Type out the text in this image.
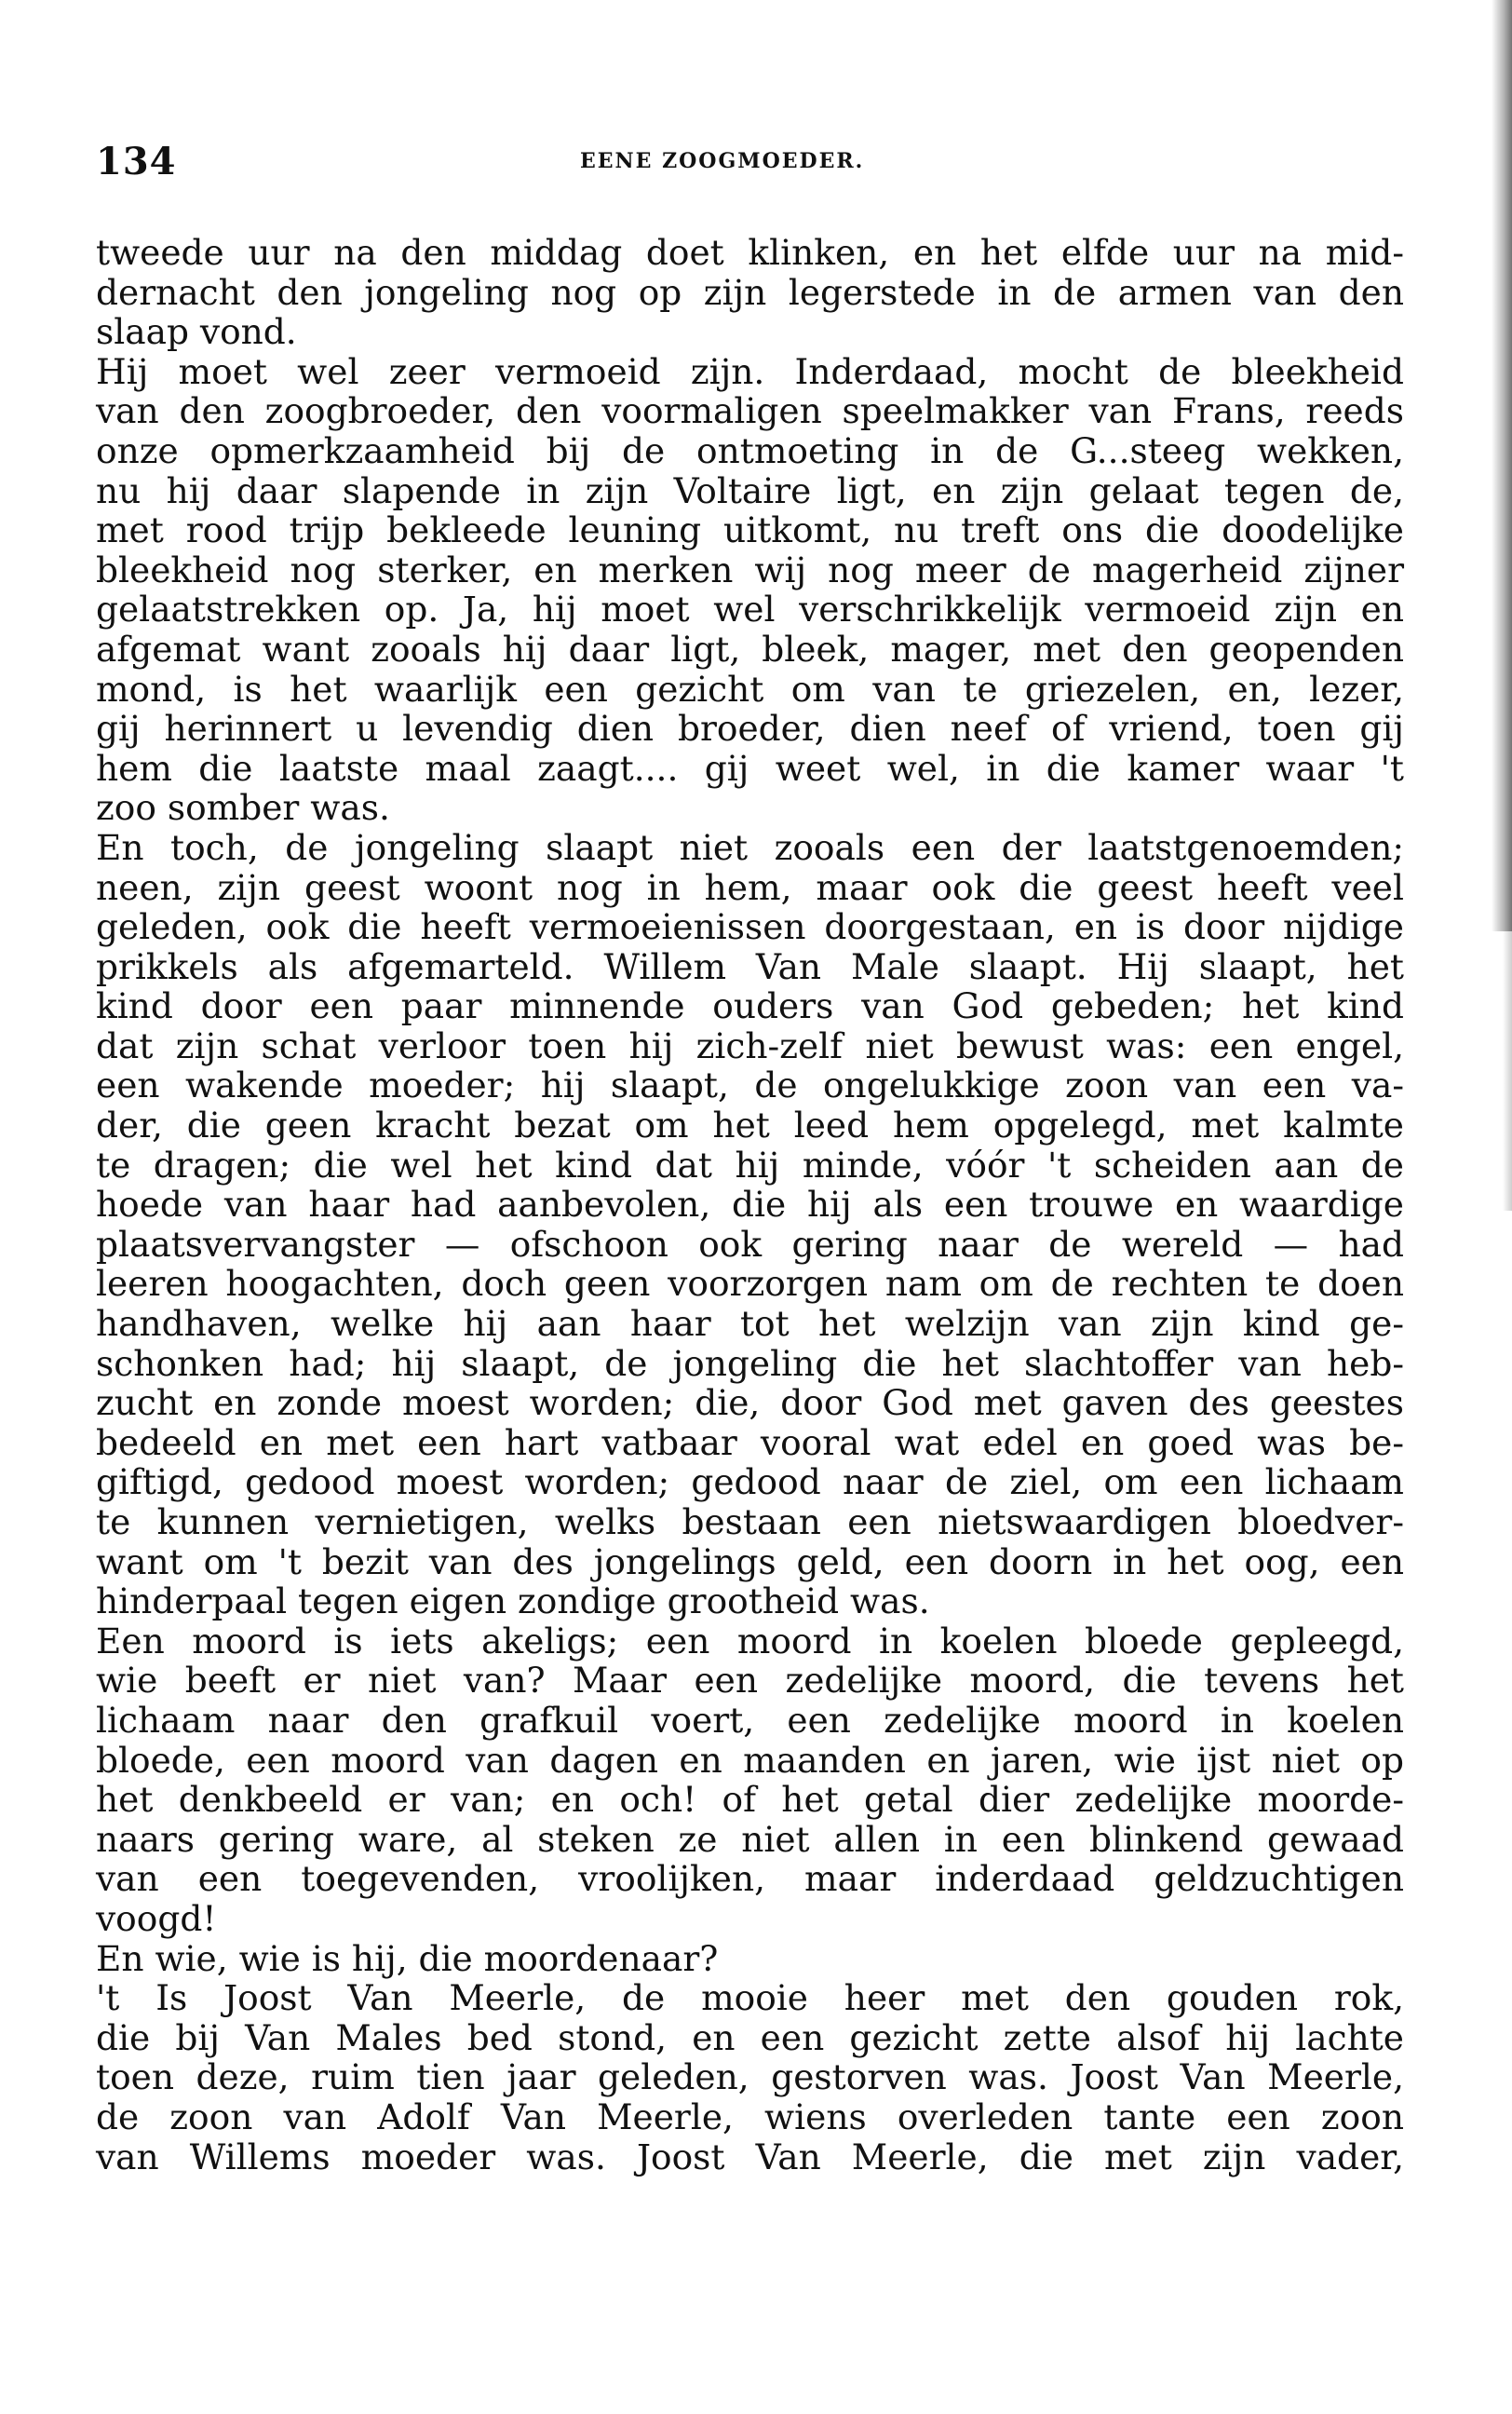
134	EENE ZOOGMOEDER.
tweede uur na den middag doet klinken, en het elfde uur na mid-
dernacht den jongeling nog op zijn legerstede in de armen van den
slaap vond.
Hij moet wel zeer vermoeid zijn. Inderdaad, mocht de bleekheid
van den zoogbroeder, den voormaligen speelmakker van Frans, reeds
onze opmerkzaamheid bij de ontmoeting in de G...steeg wekken,
nu hij daar slapende in zijn Voltaire ligt, en zijn gelaat tegen de,
met rood trijp bekleede leuning uitkomt, nu treft ons die doodelijke
bleekheid nog sterker, en merken wij nog meer de magerheid zijner
gelaatstrekken op. Ja, hij moet wel verschrikkelijk vermoeid zijn en
afgemat want zooals hij daar ligt, bleek, mager, met den geopenden
mond, is het waarlijk een gezicht om van te griezelen, en, lezer,
gij herinnert u levendig dien broeder, dien neef of vriend, toen gij
hem die laatste maal zaagt.... gij weet wel, in die kamer waar 't
zoo somber was.
En toch, de jongeling slaapt niet zooals een der laatstgenoemden;
neen, zijn geest woont nog in hem, maar ook die geest heeft veel
geleden, ook die heeft vermoeienissen doorgestaan, en is door nijdige
prikkels als afgemarteld. Willem Van Male slaapt. Hij slaapt, het
kind door een paar minnende ouders van God gebeden; het kind
dat zijn schat verloor toen hij zich-zelf niet bewust was: een engel,
een wakende moeder; hij slaapt, de ongelukkige zoon van een va-
der, die geen kracht bezat om het leed hem opgelegd, met kalmte
te dragen; die wel het kind dat hij minde, vóór 't scheiden aan de
hoede van haar had aanbevolen, die hij als een trouwe en waardige
plaatsvervangster — ofschoon ook gering naar de wereld — had
leeren hoogachten, doch geen voorzorgen nam om de rechten te doen
handhaven, welke hij aan haar tot het welzijn van zijn kind ge-
schonken had; hij slaapt, de jongeling die het slachtoffer van heb-
zucht en zonde moest worden; die, door God met gaven des geestes
bedeeld en met een hart vatbaar vooral wat edel en goed was be-
giftigd, gedood moest worden; gedood naar de ziel, om een lichaam
te kunnen vernietigen, welks bestaan een nietswaardigen bloedver-
want om 't bezit van des jongelings geld, een doorn in het oog, een
hinderpaal tegen eigen zondige grootheid was.
Een moord is iets akeligs; een moord in koelen bloede gepleegd,
wie beeft er niet van? Maar een zedelijke moord, die tevens het
lichaam naar den grafkuil voert, een zedelijke moord in koelen
bloede, een moord van dagen en maanden en jaren, wie ijst niet op
het denkbeeld er van; en och! of het getal dier zedelijke moorde-
naars gering ware, al steken ze niet allen in een blinkend gewaad
van een toegevenden, vroolijken, maar inderdaad geldzuchtigen
voogd!
En wie, wie is hij, die moordenaar?
't Is Joost Van Meerle, de mooie heer met den gouden rok,
die bij Van Males bed stond, en een gezicht zette alsof hij lachte
toen deze, ruim tien jaar geleden, gestorven was. Joost Van Meerle,
de zoon van Adolf Van Meerle, wiens overleden tante een zoon
van Willems moeder was. Joost Van Meerle, die met zijn vader,
